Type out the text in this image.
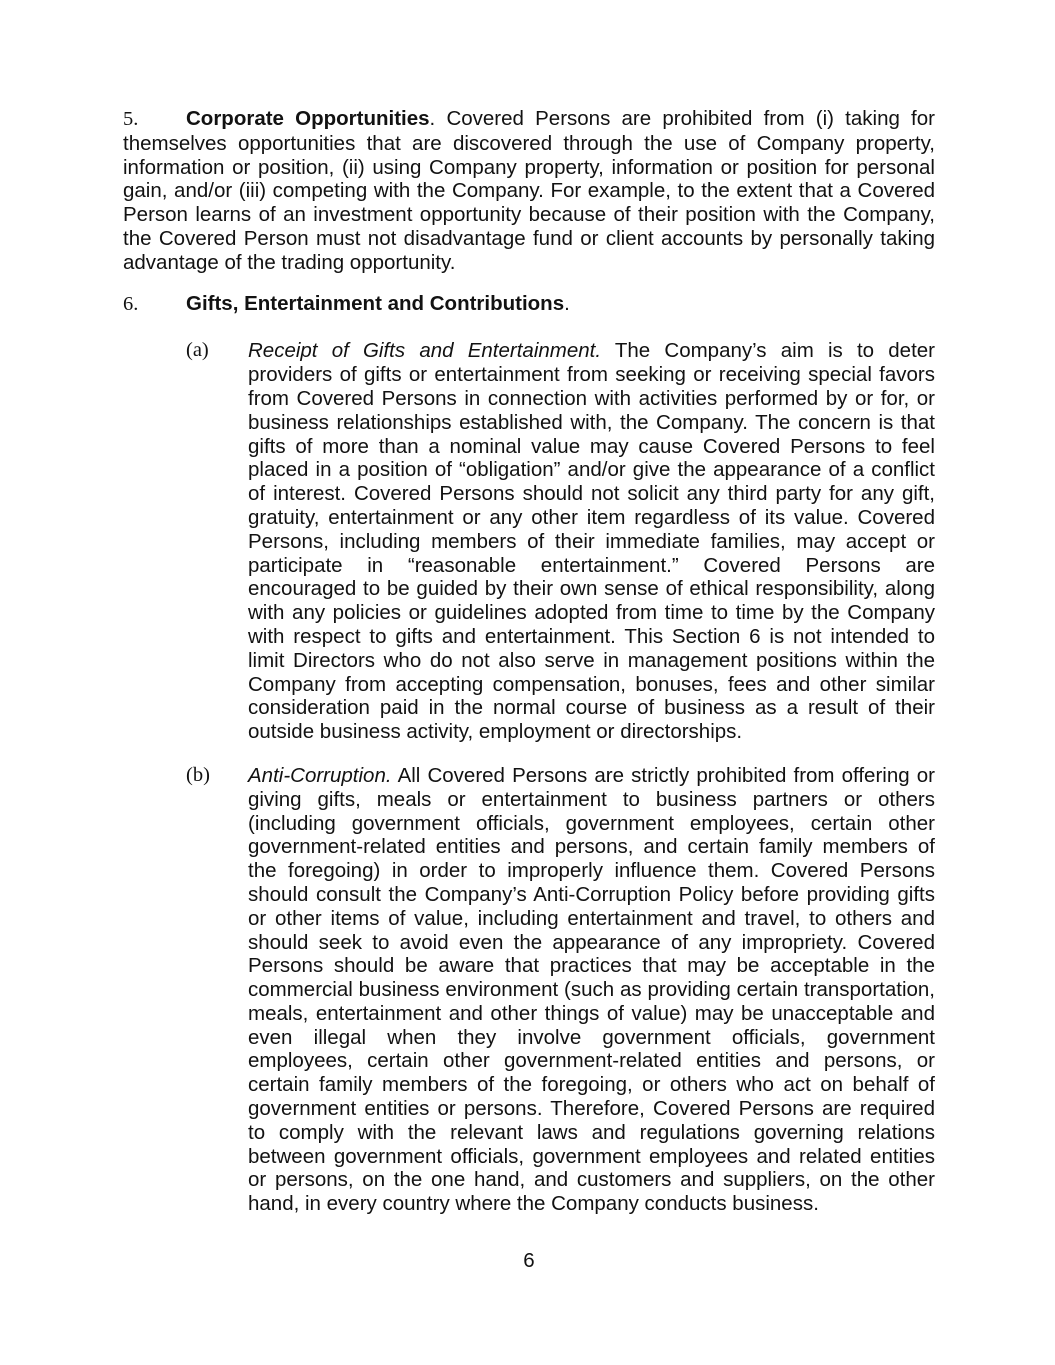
5. Corporate Opportunities. Covered Persons are prohibited from (i) taking for themselves opportunities that are discovered through the use of Company property, information or position, (ii) using Company property, information or position for personal gain, and/or (iii) competing with the Company. For example, to the extent that a Covered Person learns of an investment opportunity because of their position with the Company, the Covered Person must not disadvantage fund or client accounts by personally taking advantage of the trading opportunity.

6. Gifts, Entertainment and Contributions.

(a) Receipt of Gifts and Entertainment. The Company’s aim is to deter providers of gifts or entertainment from seeking or receiving special favors from Covered Persons in connection with activities performed by or for, or business relationships established with, the Company. The concern is that gifts of more than a nominal value may cause Covered Persons to feel placed in a position of “obligation” and/or give the appearance of a conflict of interest. Covered Persons should not solicit any third party for any gift, gratuity, entertainment or any other item regardless of its value. Covered Persons, including members of their immediate families, may accept or participate in “reasonable entertainment.” Covered Persons are encouraged to be guided by their own sense of ethical responsibility, along with any policies or guidelines adopted from time to time by the Company with respect to gifts and entertainment. This Section 6 is not intended to limit Directors who do not also serve in management positions within the Company from accepting compensation, bonuses, fees and other similar consideration paid in the normal course of business as a result of their outside business activity, employment or directorships.
(b) Anti-Corruption. All Covered Persons are strictly prohibited from offering or giving gifts, meals or entertainment to business partners or others (including government officials, government employees, certain other government-related entities and persons, and certain family members of the foregoing) in order to improperly influence them. Covered Persons should consult the Company’s Anti-Corruption Policy before providing gifts or other items of value, including entertainment and travel, to others and should seek to avoid even the appearance of any impropriety. Covered Persons should be aware that practices that may be acceptable in the commercial business environment (such as providing certain transportation, meals, entertainment and other things of value) may be unacceptable and even illegal when they involve government officials, government employees, certain other government-related entities and persons, or certain family members of the foregoing, or others who act on behalf of government entities or persons. Therefore, Covered Persons are required to comply with the relevant laws and regulations governing relations between government officials, government employees and related entities or persons, on the one hand, and customers and suppliers, on the other hand, in every country where the Company conducts business.
6
